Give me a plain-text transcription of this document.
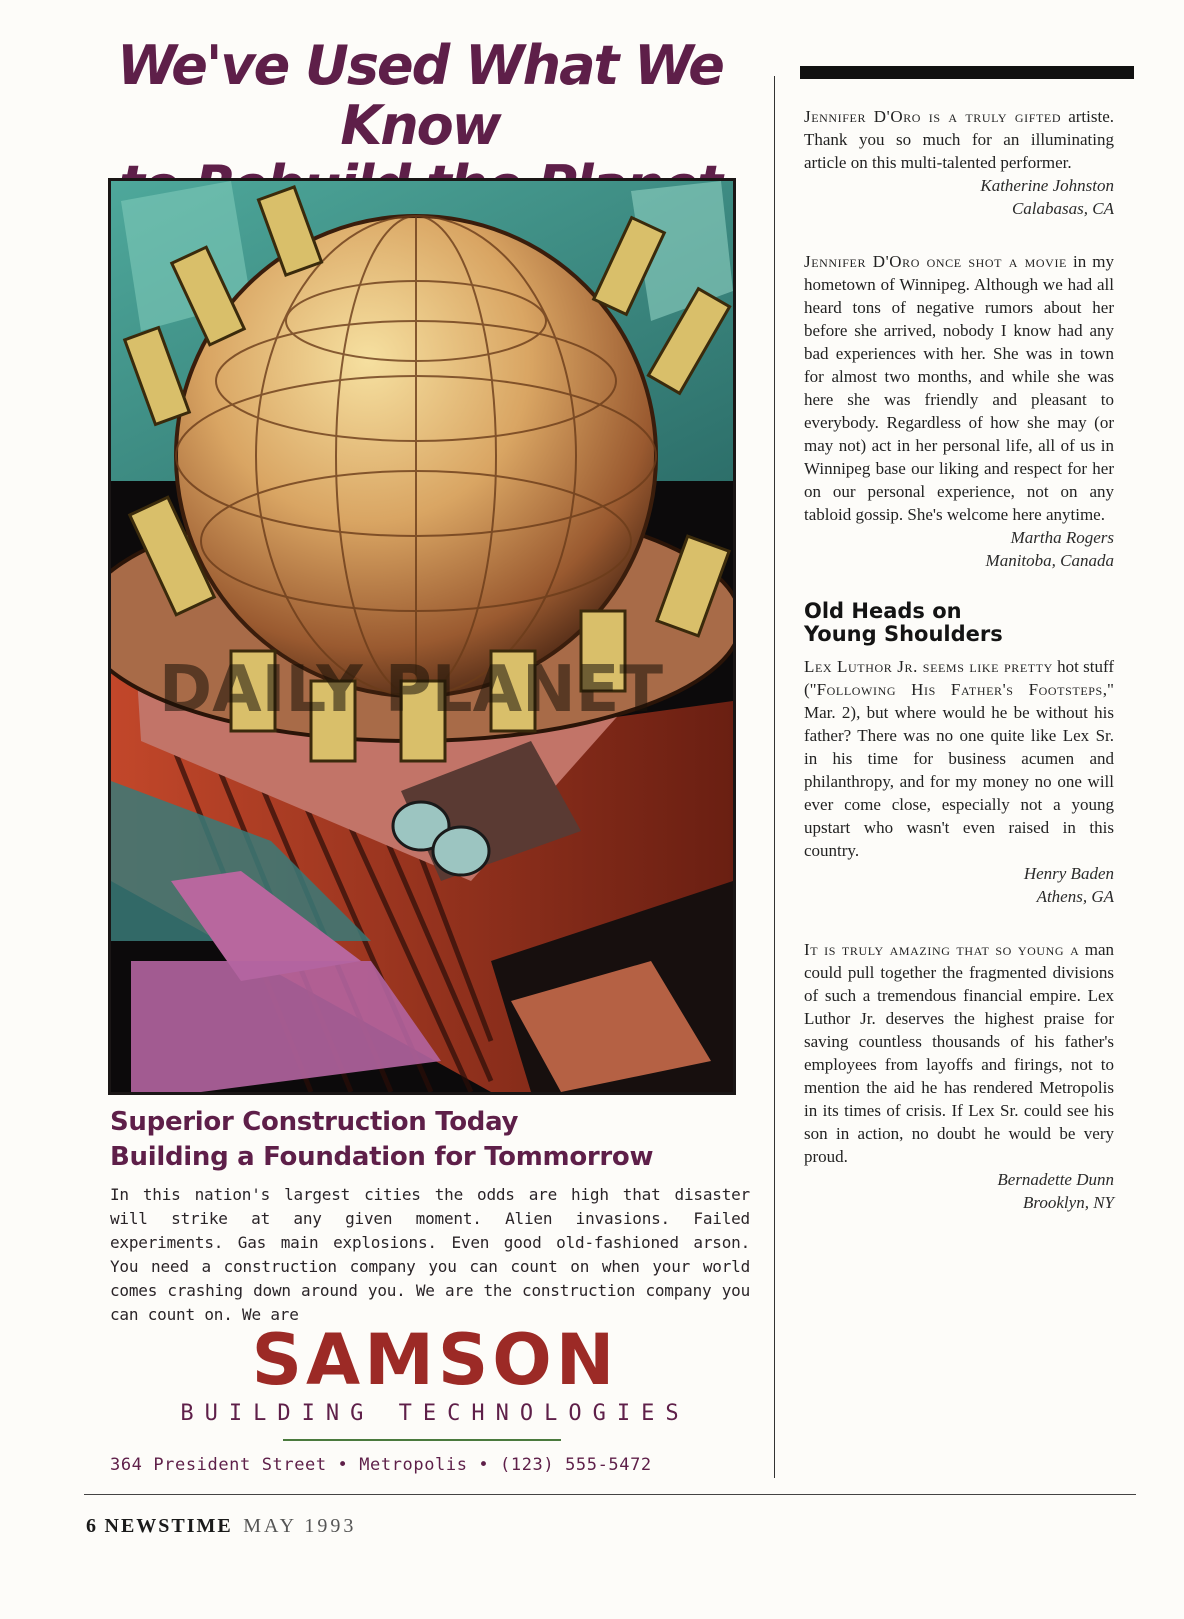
We've Used What We Know
DAILY PLANET
Superior Construction Today
Building a Foundation for Tommorrow

In this nation's largest cities the odds are high that disaster will strike at any given moment. Alien invasions. Failed experiments. Gas main explosions. Even good old-fashioned arson. You need a construction company you can count on when your world comes crashing down around you. We are the construction company you can count on. We are

SAMSON
BUILDING TECHNOLOGIES
364 President Street • Metropolis • (123) 555-5472

Jennifer D'Oro is a truly gifted artiste. Thank you so much for an illuminating article on this multi-talented performer.

Katherine Johnston

Calabasas, CA

Jennifer D'Oro once shot a movie in my hometown of Winnipeg. Although we had all heard tons of negative rumors about her before she arrived, nobody I know had any bad experiences with her. She was in town for almost two months, and while she was here she was friendly and pleasant to everybody. Regardless of how she may (or may not) act in her personal life, all of us in Winnipeg base our liking and respect for her on our personal experience, not on any tabloid gossip. She's welcome here anytime.

Martha Rogers

Manitoba, Canada

Old Heads on
Young Shoulders

Lex Luthor Jr. seems like pretty hot stuff ("Following His Father's Footsteps," Mar. 2), but where would he be without his father? There was no one quite like Lex Sr. in his time for business acumen and philanthropy, and for my money no one will ever come close, especially not a young upstart who wasn't even raised in this country.

Henry Baden

Athens, GA

It is truly amazing that so young a man could pull together the fragmented divisions of such a tremendous financial empire. Lex Luthor Jr. deserves the highest praise for saving countless thousands of his father's employees from layoffs and firings, not to mention the aid he has rendered Metropolis in its times of crisis. If Lex Sr. could see his son in action, no doubt he would be very proud.

Bernadette Dunn

Brooklyn, NY

6 NEWSTIME MAY 1993
